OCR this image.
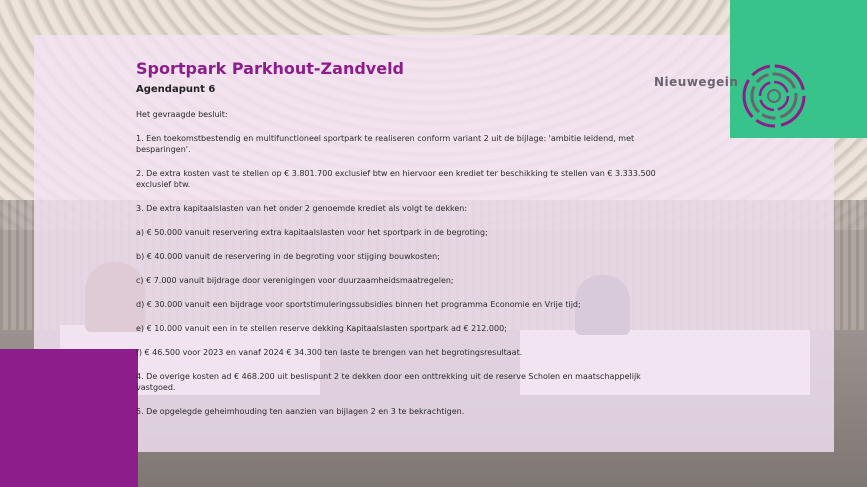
Sportpark Parkhout-Zandveld
Agendapunt 6
Nieuwegein

Het gevraagde besluit:

1. Een toekomstbestendig en multifunctioneel sportpark te realiseren conform variant 2 uit de bijlage: 'ambitie leidend, met besparingen'.

2. De extra kosten vast te stellen op € 3.801.700 exclusief btw en hiervoor een krediet ter beschikking te stellen van € 3.333.500 exclusief btw.

3. De extra kapitaalslasten van het onder 2 genoemde krediet als volgt te dekken:

a) € 50.000 vanuit reservering extra kapitaalslasten voor het sportpark in de begroting;

b) € 40.000 vanuit de reservering in de begroting voor stijging bouwkosten;

c) € 7.000 vanuit bijdrage door verenigingen voor duurzaamheidsmaatregelen;

d) € 30.000 vanuit een bijdrage voor sportstimuleringssubsidies binnen het programma Economie en Vrije tijd;

e) € 10.000 vanuit een in te stellen reserve dekking Kapitaalslasten sportpark ad € 212.000;

f) € 46.500 voor 2023 en vanaf 2024 € 34.300 ten laste te brengen van het begrotingsresultaat.

4. De overige kosten ad € 468.200 uit beslispunt 2 te dekken door een onttrekking uit de reserve Scholen en maatschappelijk vastgoed.

5. De opgelegde geheimhouding ten aanzien van bijlagen 2 en 3 te bekrachtigen.
